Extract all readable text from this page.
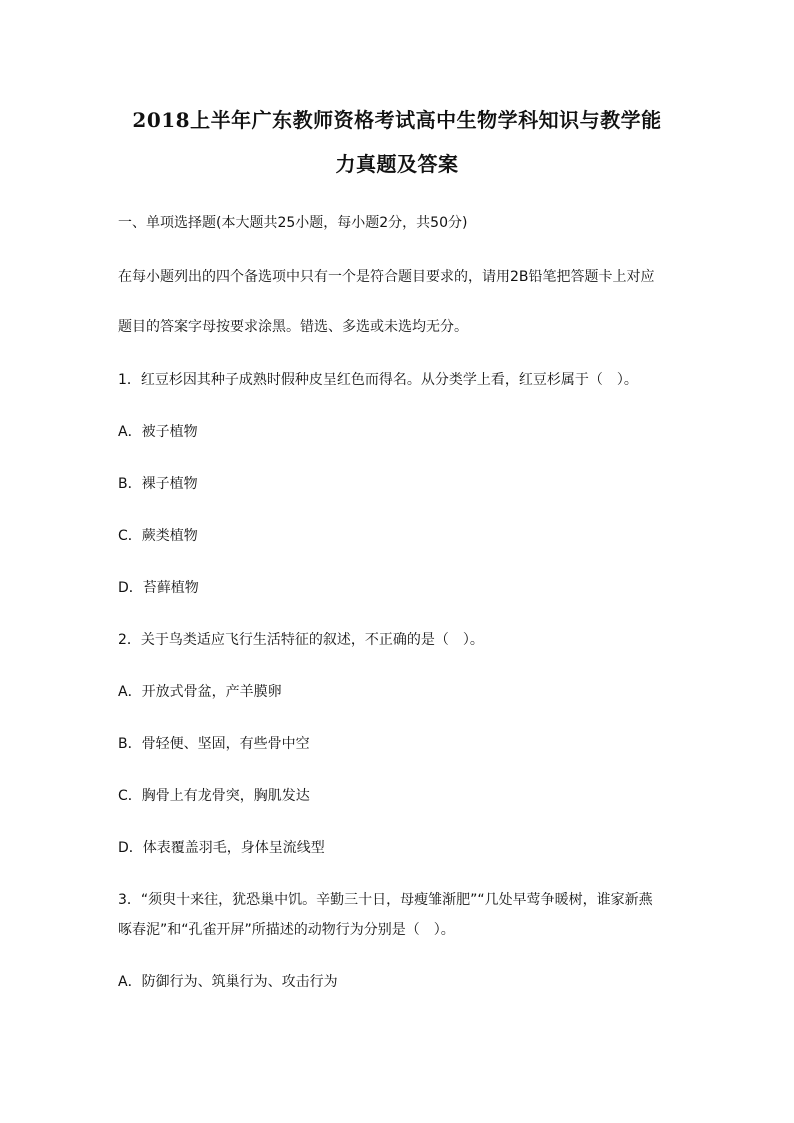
2018上半年广东教师资格考试高中生物学科知识与教学能
力真题及答案
一、单项选择题(本大题共25小题，每小题2分，共50分)
在每小题列出的四个备选项中只有一个是符合题目要求的，请用2B铅笔把答题卡上对应
题目的答案字母按要求涂黑。错选、多选或未选均无分。
1．红豆杉因其种子成熟时假种皮呈红色而得名。从分类学上看，红豆杉属于（　）。
A．被子植物
B．裸子植物
C．蕨类植物
D．苔藓植物
2．关于鸟类适应飞行生活特征的叙述，不正确的是（　）。
A．开放式骨盆，产羊膜卵
B．骨轻便、坚固，有些骨中空
C．胸骨上有龙骨突，胸肌发达
D．体表覆盖羽毛，身体呈流线型
3．“须臾十来往，犹恐巢中饥。辛勤三十日，母瘦雏渐肥”“几处早莺争暖树，谁家新燕
啄春泥”和“孔雀开屏”所描述的动物行为分别是（　）。
A．防御行为、筑巢行为、攻击行为
